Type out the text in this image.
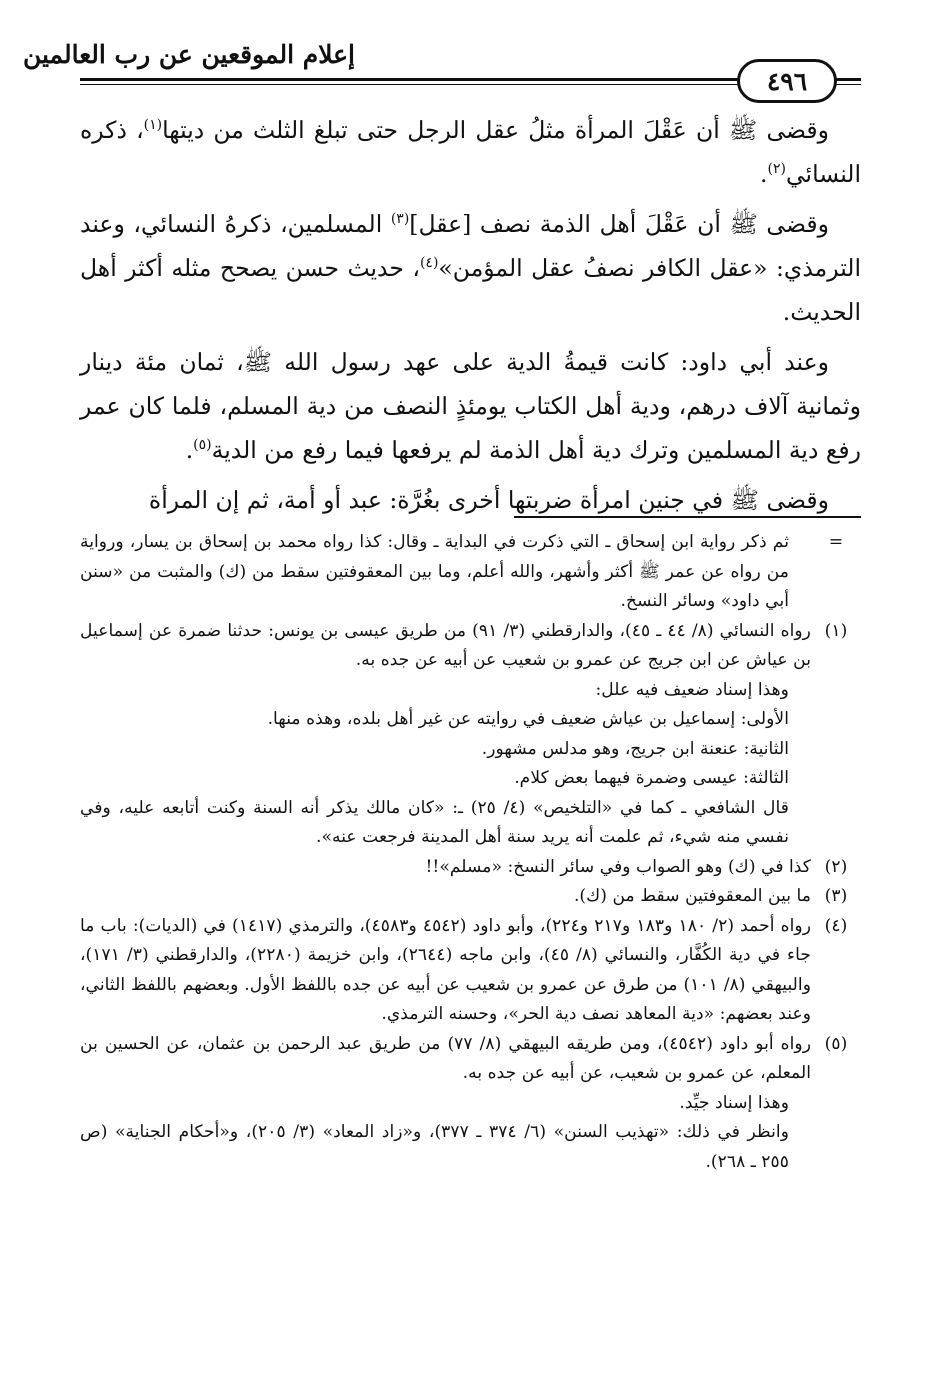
إعلام الموقعين عن رب العالمين
٤٩٦

وقضى ﷺ أن عَقْلَ المرأة مثلُ عقل الرجل حتى تبلغ الثلث من ديتها$^{(١)}$، ذكره النسائي$^{(٢)}$.

وقضى ﷺ أن عَقْلَ أهل الذمة نصف [عقل]$^{(٣)}$ المسلمين، ذكرهُ النسائي، وعند الترمذي: «عقل الكافر نصفُ عقل المؤمن»$^{(٤)}$، حديث حسن يصحح مثله أكثر أهل الحديث.

وعند أبي داود: كانت قيمةُ الدية على عهد رسول الله ﷺ، ثمان مئة دينار وثمانية آلاف درهم، ودية أهل الكتاب يومئذٍ النصف من دية المسلم، فلما كان عمر رفع دية المسلمين وترك دية أهل الذمة لم يرفعها فيما رفع من الدية$^{(٥)}$.

وقضى ﷺ في جنين امرأة ضربتها أخرى بغُرَّة: عبد أو أمة، ثم إن المرأة

=

ثم ذكر رواية ابن إسحاق ـ التي ذكرت في البداية ـ وقال: كذا رواه محمد بن إسحاق بن يسار، ورواية من رواه عن عمر ﷺ أكثر وأشهر، والله أعلم، وما بين المعقوفتين سقط من (ك) والمثبت من «سنن أبي داود» وسائر النسخ.

(١)

رواه النسائي (٨/ ٤٤ ـ ٤٥)، والدارقطني (٣/ ٩١) من طريق عيسى بن يونس: حدثنا ضمرة عن إسماعيل بن عياش عن ابن جريج عن عمرو بن شعيب عن أبيه عن جده به.

وهذا إسناد ضعيف فيه علل:

الأولى: إسماعيل بن عياش ضعيف في روايته عن غير أهل بلده، وهذه منها.

الثانية: عنعنة ابن جريج، وهو مدلس مشهور.

الثالثة: عيسى وضمرة فيهما بعض كلام.

قال الشافعي ـ كما في «التلخيص» (٤/ ٢٥) ـ: «كان مالك يذكر أنه السنة وكنت أتابعه عليه، وفي نفسي منه شيء، ثم علمت أنه يريد سنة أهل المدينة فرجعت عنه».

(٢)

كذا في (ك) وهو الصواب وفي سائر النسخ: «مسلم»!!

(٣)

ما بين المعقوفتين سقط من (ك).

(٤)

رواه أحمد (٢/ ١٨٠ و١٨٣ و٢١٧ و٢٢٤)، وأبو داود (٤٥٤٢ و٤٥٨٣)، والترمذي (١٤١٧) في (الديات): باب ما جاء في دية الكُفَّار، والنسائي (٨/ ٤٥)، وابن ماجه (٢٦٤٤)، وابن خزيمة (٢٢٨٠)، والدارقطني (٣/ ١٧١)، والبيهقي (٨/ ١٠١) من طرق عن عمرو بن شعيب عن أبيه عن جده باللفظ الأول. وبعضهم باللفظ الثاني، وعند بعضهم: «دية المعاهد نصف دية الحر»، وحسنه الترمذي.

(٥)

رواه أبو داود (٤٥٤٢)، ومن طريقه البيهقي (٨/ ٧٧) من طريق عبد الرحمن بن عثمان، عن الحسين بن المعلم، عن عمرو بن شعيب، عن أبيه عن جده به.

وهذا إسناد جيِّد.

وانظر في ذلك: «تهذيب السنن» (٦/ ٣٧٤ ـ ٣٧٧)، و«زاد المعاد» (٣/ ٢٠٥)، و«أحكام الجناية» (ص ٢٥٥ ـ ٢٦٨).
